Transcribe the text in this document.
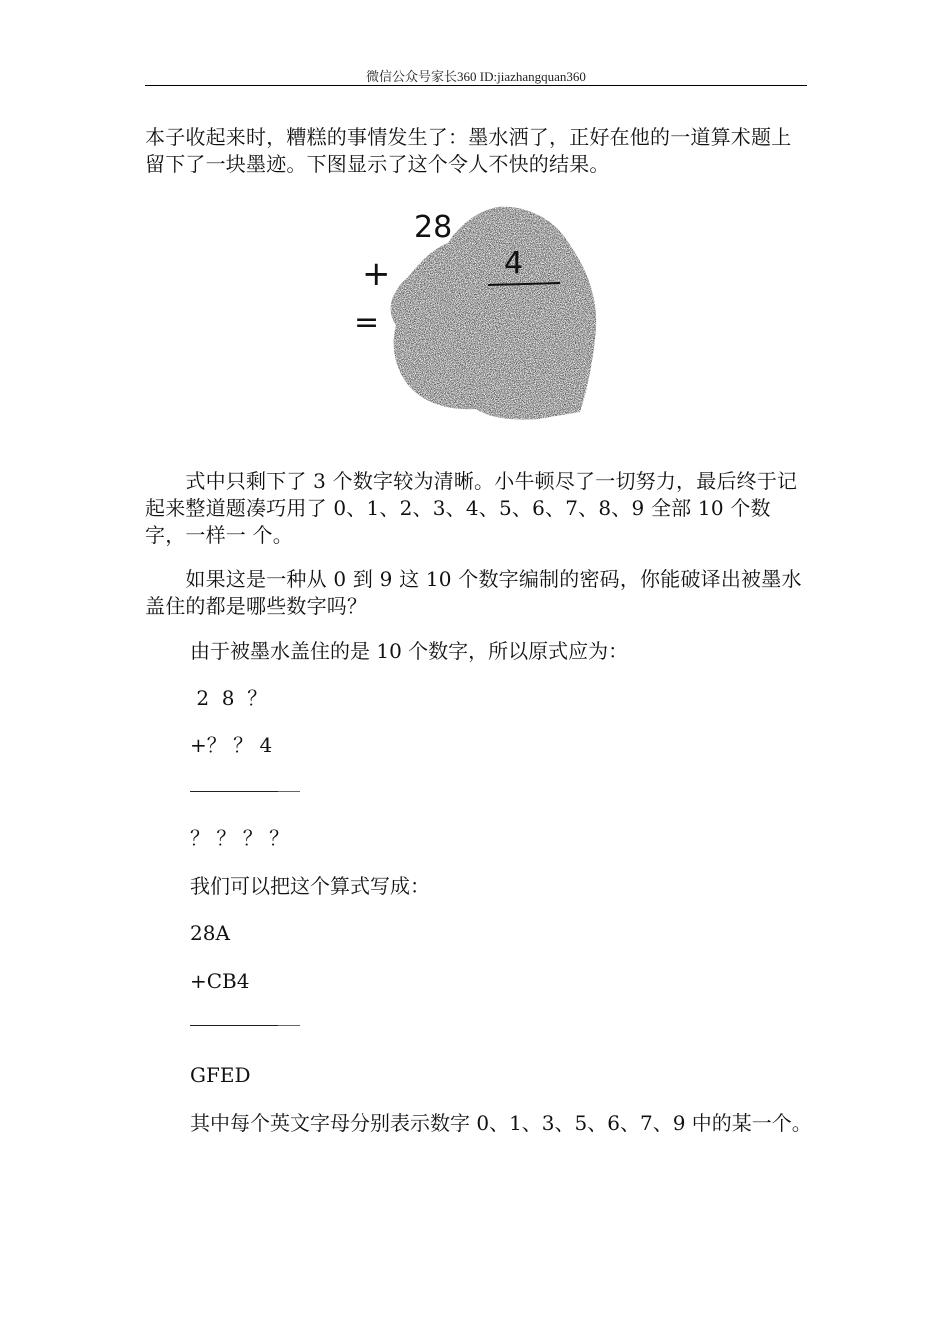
微信公众号家长360 ID:jiazhangquan360

本子收起来时，糟糕的事情发生了：墨水洒了，正好在他的一道算术题上留下了一块墨迹。下图显示了这个令人不快的结果。

28
+	4
=

　　式中只剩下了 3 个数字较为清晰。小牛顿尽了一切努力，最后终于记起来整道题凑巧用了 0、1、2、3、4、5、6、7、8、9 全部 10 个数字，一样一 个。

　　如果这是一种从 0 到 9 这 10 个数字编制的密码，你能破译出被墨水盖住的都是哪些数字吗？

由于被墨水盖住的是 10 个数字，所以原式应为：

2  8  ？

+？ ？ 4

？ ？ ？ ？

我们可以把这个算式写成：

28A

+CB4

GFED

其中每个英文字母分别表示数字 0、1、3、5、6、7、9 中的某一个。
